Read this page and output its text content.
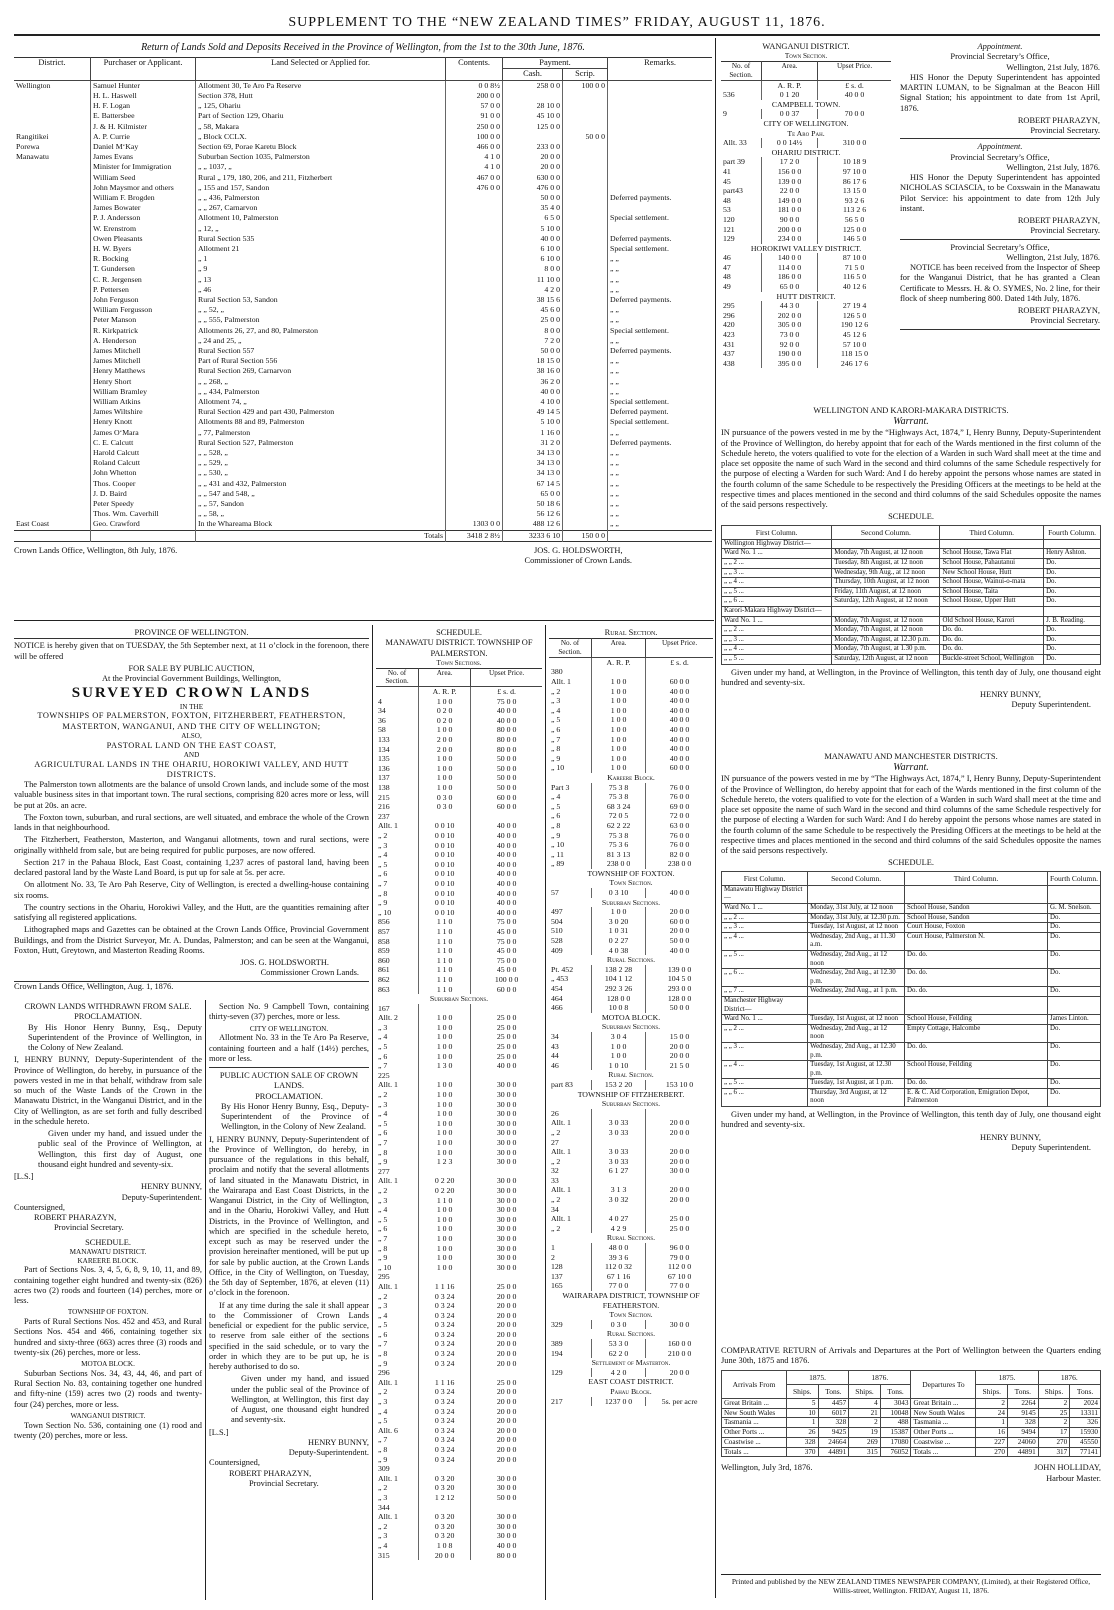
SUPPLEMENT TO THE “NEW ZEALAND TIMES” FRIDAY, AUGUST 11, 1876.
Return of Lands Sold and Deposits Received in the Province of Wellington, from the 1st to the 30th June, 1876.
District.	Purchaser or Applicant.	Land Selected or Applied for.	Contents.	Payment.		Remarks.
				Cash.	Scrip.	
Wellington	Samuel Hunter	Allotment 30, Te Aro Pa Reserve	0 0 8½	258 0 0	100 0 0	
	H. L. Haswell	Section 378, Hutt	200 0 0			
	H. F. Logan	„ 125, Ohariu	57 0 0	28 10 0		
	E. Battersbee	Part of Section 129, Ohariu	91 0 0	45 10 0		
	J. & H. Kilmister	„ 58, Makara	250 0 0	125 0 0		
Rangitikei	A. P. Currie	„ Block CCLX.	100 0 0		50 0 0	
Porewa	Daniel M‘Kay	Section 69, Porae Karetu Block	466 0 0	233 0 0		
Manawatu	James Evans	Suburban Section 1035, Palmerston	4 1 0	20 0 0		
	Minister for Immigration	„ „ 1037, „	4 1 0	20 0 0		
	William Seed	Rural „ 179, 180, 206, and 211, Fitzherbert	467 0 0	630 0 0		
	John Maysmor and others	„ 155 and 157, Sandon	476 0 0	476 0 0		
	William F. Brogden	„ „ 436, Palmerston		50 0 0		Deferred payments.
	James Bowater	„ „ 267, Carnarvon		35 4 0		
	P. J. Andersson	Allotment 10, Palmerston		6 5 0		Special settlement.
	W. Erenstrom	„ 12, „		5 10 0		
	Owen Pleasants	Rural Section 535		40 0 0		Deferred payments.
	H. W. Byers	Allotment 21		6 10 0		Special settlement.
	R. Bocking	„ 1		6 10 0		„ „
	T. Gundersen	„ 9		8 0 0		„ „
	C. R. Jergensen	„ 13		11 10 0		„ „
	P. Pettersen	„ 46		4 2 0		„ „
	John Ferguson	Rural Section 53, Sandon		38 15 6		Deferred payments.
	William Fergusson	„ „ 52, „		45 6 0		„ „
	Peter Manson	„ „ 555, Palmerston		25 0 0		„ „
	R. Kirkpatrick	Allotments 26, 27, and 80, Palmerston		8 0 0		Special settlement.
	A. Henderson	„ 24 and 25, „		7 2 0		„ „
	James Mitchell	Rural Section 557		50 0 0		Deferred payments.
	James Mitchell	Part of Rural Section 556		18 15 0		„ „
	Henry Matthews	Rural Section 269, Carnarvon		38 16 0		„ „
	Henry Short	„ „ 268, „		36 2 0		„ „
	William Bramley	„ „ 434, Palmerston		40 0 0		„ „
	William Atkins	Allotment 74, „		4 10 0		Special settlement.
	James Wiltshire	Rural Section 429 and part 430, Palmerston		49 14 5		Deferred payment.
	Henry Knott	Allotments 88 and 89, Palmerston		5 10 0		Special settlement.
	James O‘Mara	„ 77, Palmerston		1 16 0		„ „
	C. E. Calcutt	Rural Section 527, Palmerston		31 2 0		Deferred payments.
	Harold Calcutt	„ „ 528, „		34 13 0		„ „
	Roland Calcutt	„ „ 529, „		34 13 0		„ „
	John Whetton	„ „ 530, „		34 13 0		„ „
	Thos. Cooper	„ „ 431 and 432, Palmerston		67 14 5		„ „
	J. D. Baird	„ „ 547 and 548, „		65 0 0		„ „
	Peter Speedy	„ „ 57, Sandon		50 18 6		„ „
	Thos. Wm. Caverhill	„ „ 58, „		56 12 6		„ „
East Coast	Geo. Crawford	In the Whareama Block	1303 0 0	488 12 6		„ „
		Totals	3418 2 8½	3233 6 10	150 0 0	
Crown Lands Office, Wellington, 8th July, 1876.	JOS. G. HOLDSWORTH,
Commissioner of Crown Lands.
WANGANUI DISTRICT.
Town Section.
No. of Section.	Area.	Upset Price.
	A. R. P.	£ s. d.
536	0 1 20	40 0 0
CAMPBELL TOWN.		
9	0 0 37	70 0 0
CITY OF WELLINGTON.		
Te Aro Pah.		
Allt. 33	0 0 14½	310 0 0
OHARIU DISTRICT.		
part 39	17 2 0	10 18 9
41	156 0 0	97 10 0
45	139 0 0	86 17 6
part43	22 0 0	13 15 0
48	149 0 0	93 2 6
53	181 0 0	113 2 6
120	90 0 0	56 5 0
121	200 0 0	125 0 0
129	234 0 0	146 5 0
HOROKIWI VALLEY DISTRICT.		
46	140 0 0	87 10 0
47	114 0 0	71 5 0
48	186 0 0	116 5 0
49	65 0 0	40 12 6
HUTT DISTRICT.		
295	44 3 0	27 19 4
296	202 0 0	126 5 0
420	305 0 0	190 12 6
423	73 0 0	45 12 6
431	92 0 0	57 10 0
437	190 0 0	118 15 0
438	395 0 0	246 17 6
Appointment.
Provincial Secretary’s Office,
Wellington, 21st July, 1876.

HIS Honor the Deputy Superintendent has appointed MARTIN LUMAN, to be Signalman at the Beacon Hill Signal Station; his appointment to date from 1st April, 1876.

ROBERT PHARAZYN,
Provincial Secretary.
Appointment.
Provincial Secretary’s Office,
Wellington, 21st July, 1876.

HIS Honor the Deputy Superintendent has appointed NICHOLAS SCIASCIA, to be Coxswain in the Manawatu Pilot Service: his appointment to date from 12th July instant.

ROBERT PHARAZYN,
Provincial Secretary.
Provincial Secretary’s Office,
Wellington, 21st July, 1876.

NOTICE has been received from the Inspector of Sheep for the Wanganui District, that he has granted a Clean Certificate to Messrs. H. & O. SYMES, No. 2 line, for their flock of sheep numbering 800. Dated 14th July, 1876.

ROBERT PHARAZYN,
Provincial Secretary.
WELLINGTON AND KARORI-MAKARA DISTRICTS.
Warrant.

IN pursuance of the powers vested in me by the “Highways Act, 1874,” I, Henry Bunny, Deputy-Superintendent of the Province of Wellington, do hereby appoint that for each of the Wards mentioned in the first column of the Schedule hereto, the voters qualified to vote for the election of a Warden in such Ward shall meet at the time and place set opposite the name of such Ward in the second and third columns of the same Schedule respectively for the purpose of electing a Warden for such Ward: And I do hereby appoint the persons whose names are stated in the fourth column of the same Schedule to be respectively the Presiding Officers at the meetings to be held at the respective times and places mentioned in the second and third columns of the said Schedules opposite the names of the said persons respectively.

SCHEDULE.
First Column.	Second Column.	Third Column.	Fourth Column.
Wellington Highway District—			
Ward No. 1 ...	Monday, 7th August, at 12 noon	School House, Tawa Flat	Henry Ashton.
„ „ 2 ...	Tuesday, 8th August, at 12 noon	School House, Pahautanui	Do.
„ „ 3 ...	Wednesday, 9th Aug., at 12 noon	New School House, Hutt	Do.
„ „ 4 ...	Thursday, 10th August, at 12 noon	School House, Wainui-o-mata	Do.
„ „ 5 ...	Friday, 11th August, at 12 noon	School House, Taita	Do.
„ „ 6 ...	Saturday, 12th August, at 12 noon	School House, Upper Hutt	Do.
Karori-Makara Highway District—			
Ward No. 1 ...	Monday, 7th August, at 12 noon	Old School House, Karori	J. B. Reading.
„ „ 2 ...	Monday, 7th August, at 12 noon	Do. do.	Do.
„ „ 3 ...	Monday, 7th August, at 12.30 p.m.	Do. do.	Do.
„ „ 4 ...	Monday, 7th August, at 1.30 p.m.	Do. do.	Do.
„ „ 5 ...	Saturday, 12th August, at 12 noon	Buckle-street School, Wellington	Do.

Given under my hand, at Wellington, in the Province of Wellington, this tenth day of July, one thousand eight hundred and seventy-six.

HENRY BUNNY,
Deputy Superintendent.
MANAWATU AND MANCHESTER DISTRICTS.
Warrant.

IN pursuance of the powers vested in me by “The Highways Act, 1874,” I, Henry Bunny, Deputy-Superintendent of the Province of Wellington, do hereby appoint that for each of the Wards mentioned in the first column of the Schedule hereto, the voters qualified to vote for the election of a Warden in such Ward shall meet at the time and place set opposite the name of such Ward in the second and third columns of the same Schedule respectively for the purpose of electing a Warden for such Ward: And I do hereby appoint the persons whose names are stated in the fourth column of the same Schedule to be respectively the Presiding Officers at the meetings to be held at the respective times and places mentioned in the second and third columns of the said Schedules opposite the names of the said persons respectively.

SCHEDULE.
First Column.	Second Column.	Third Column.	Fourth Column.
Manawatu Highway District—			
Ward No. 1 ...	Monday, 31st July, at 12 noon	School House, Sandon	G. M. Snelson.
„ „ 2 ...	Monday, 31st July, at 12.30 p.m.	School House, Sandon	Do.
„ „ 3 ...	Tuesday, 1st August, at 12 noon	Court House, Foxton	Do.
„ „ 4 ...	Wednesday, 2nd Aug., at 11.30 a.m.	Court House, Palmerston N.	Do.
„ „ 5 ...	Wednesday, 2nd Aug., at 12 noon	Do. do.	Do.
„ „ 6 ...	Wednesday, 2nd Aug., at 12.30 p.m.	Do. do.	Do.
„ „ 7 ...	Wednesday, 2nd Aug., at 1 p.m.	Do. do.	Do.
Manchester Highway District—			
Ward No. 1 ...	Tuesday, 1st August, at 12 noon	School House, Feilding	James Linton.
„ „ 2 ...	Wednesday, 2nd Aug., at 12 noon	Empty Cottage, Halcombe	Do.
„ „ 3 ...	Wednesday, 2nd Aug., at 12.30 p.m.	Do. do.	Do.
„ „ 4 ...	Tuesday, 1st August, at 12.30 p.m.	School House, Feilding	Do.
„ „ 5 ...	Tuesday, 1st August, at 1 p.m.	Do. do.	Do.
„ „ 6 ...	Thursday, 3rd August, at 12 noon	E. & C. Aid Corporation, Emigration Depot, Palmerston	Do.

Given under my hand, at Wellington, in the Province of Wellington, this tenth day of July, one thousand eight hundred and seventy-six.

HENRY BUNNY,
Deputy Superintendent.

COMPARATIVE RETURN of Arrivals and Departures at the Port of Wellington between the Quarters ending June 30th, 1875 and 1876.

Arrivals From	1875.		1876.		Departures To	1875.		1876.	
	Ships.	Tons.	Ships.	Tons.		Ships.	Tons.	Ships.	Tons.
Great Britain ...	5	4457	4	3043	Great Britain ...	2	2264	2	2024
New South Wales	10	6017	21	10048	New South Wales	24	9145	25	13311
Tasmania ...	1	328	2	488	Tasmania ...	1	328	2	326
Other Ports ...	26	9425	19	15387	Other Ports ...	16	9494	17	15930
Coastwise ...	328	24664	269	17080	Coastwise ...	227	24060	270	45550
Totals ...	370	44891	315	76052	Totals ...	270	44891	317	77141
Wellington, July 3rd, 1876.	JOHN HOLLIDAY,
Harbour Master.
Printed and published by the NEW ZEALAND TIMES NEWSPAPER COMPANY, (Limited), at their Registered Office, Willis-street, Wellington. FRIDAY, August 11, 1876.
PROVINCE OF WELLINGTON.

NOTICE is hereby given that on TUESDAY, the 5th September next, at 11 o’clock in the forenoon, there will be offered

FOR SALE BY PUBLIC AUCTION,
At the Provincial Government Buildings, Wellington,
SURVEYED CROWN LANDS
IN THE
TOWNSHIPS OF PALMERSTON, FOXTON, FITZHERBERT, FEATHERSTON, MASTERTON, WANGANUI, AND THE CITY OF WELLINGTON;
ALSO,
PASTORAL LAND ON THE EAST COAST,
AND
AGRICULTURAL LANDS IN THE OHARIU, HOROKIWI VALLEY, AND HUTT DISTRICTS.

The Palmerston town allotments are the balance of unsold Crown lands, and include some of the most valuable business sites in that important town. The rural sections, comprising 820 acres more or less, will be put at 20s. an acre.

The Foxton town, suburban, and rural sections, are well situated, and embrace the whole of the Crown lands in that neighbourhood.

The Fitzherbert, Featherston, Masterton, and Wanganui allotments, town and rural sections, were originally withheld from sale, but are being required for public purposes, are now offered.

Section 217 in the Pahaua Block, East Coast, containing 1,237 acres of pastoral land, having been declared pastoral land by the Waste Land Board, is put up for sale at 5s. per acre.

On allotment No. 33, Te Aro Pah Reserve, City of Wellington, is erected a dwelling-house containing six rooms.

The country sections in the Ohariu, Horokiwi Valley, and the Hutt, are the quantities remaining after satisfying all registered applications.

Lithographed maps and Gazettes can be obtained at the Crown Lands Office, Provincial Government Buildings, and from the District Surveyor, Mr. A. Dundas, Palmerston; and can be seen at the Wanganui, Foxton, Hutt, Greytown, and Masterton Reading Rooms.

JOS. G. HOLDSWORTH.
Commissioner Crown Lands.
Crown Lands Office, Wellington, Aug. 1, 1876.
CROWN LANDS WITHDRAWN FROM SALE.
PROCLAMATION.

By His Honor Henry Bunny, Esq., Deputy Superintendent of the Province of Wellington, in the Colony of New Zealand.

I, HENRY BUNNY, Deputy-Superintendent of the Province of Wellington, do hereby, in pursuance of the powers vested in me in that behalf, withdraw from sale so much of the Waste Lands of the Crown in the Manawatu District, in the Wanganui District, and in the City of Wellington, as are set forth and fully described in the schedule hereto.

Given under my hand, and issued under the public seal of the Province of Wellington, at Wellington, this first day of August, one thousand eight hundred and seventy-six.

[L.S.]
HENRY BUNNY,
Deputy-Superintendent.
Countersigned,
ROBERT PHARAZYN,
Provincial Secretary.
SCHEDULE.
MANAWATU DISTRICT.
KAREERE BLOCK.

Part of Sections Nos. 3, 4, 5, 6, 8, 9, 10, 11, and 89, containing together eight hundred and twenty-six (826) acres two (2) roods and fourteen (14) perches, more or less.

TOWNSHIP OF FOXTON.

Parts of Rural Sections Nos. 452 and 453, and Rural Sections Nos. 454 and 466, containing together six hundred and sixty-three (663) acres three (3) roods and twenty-six (26) perches, more or less.

MOTOA BLOCK.

Suburban Sections Nos. 34, 43, 44, 46, and part of Rural Section No. 83, containing together one hundred and fifty-nine (159) acres two (2) roods and twenty-four (24) perches, more or less.

WANGANUI DISTRICT.

Town Section No. 536, containing one (1) rood and twenty (20) perches, more or less.

Section No. 9 Campbell Town, containing thirty-seven (37) perches, more or less.

CITY OF WELLINGTON.

Allotment No. 33 in the Te Aro Pa Reserve, containing fourteen and a half (14½) perches, more or less.

PUBLIC AUCTION SALE OF CROWN LANDS.
PROCLAMATION.

By His Honor Henry Bunny, Esq., Deputy-Superintendent of the Province of Wellington, in the Colony of New Zealand.

I, HENRY BUNNY, Deputy-Superintendent of the Province of Wellington, do hereby, in pursuance of the regulations in this behalf, proclaim and notify that the several allotments of land situated in the Manawatu District, in the Wairarapa and East Coast Districts, in the Wanganui District, in the City of Wellington, and in the Ohariu, Horokiwi Valley, and Hutt Districts, in the Province of Wellington, and which are specified in the schedule hereto, except such as may be reserved under the provision hereinafter mentioned, will be put up for sale by public auction, at the Crown Lands Office, in the City of Wellington, on Tuesday, the 5th day of September, 1876, at eleven (11) o’clock in the forenoon.

If at any time during the sale it shall appear to the Commissioner of Crown Lands beneficial or expedient for the public service, to reserve from sale either of the sections specified in the said schedule, or to vary the order in which they are to be put up, he is hereby authorised to do so.

Given under my hand, and issued under the public seal of the Province of Wellington, at Wellington, this first day of August, one thousand eight hundred and seventy-six.

[L.S.]
HENRY BUNNY,
Deputy-Superintendent.
Countersigned,
ROBERT PHARAZYN,
Provincial Secretary.
SCHEDULE.
MANAWATU DISTRICT. TOWNSHIP OF PALMERSTON.
Town Sections.
No. of Section.	Area.	Upset Price.
	A. R. P.	£ s. d.
4	1 0 0	75 0 0
34	0 2 0	40 0 0
36	0 2 0	40 0 0
58	1 0 0	80 0 0
133	2 0 0	80 0 0
134	2 0 0	80 0 0
135	1 0 0	50 0 0
136	1 0 0	50 0 0
137	1 0 0	50 0 0
138	1 0 0	50 0 0
215	0 3 0	60 0 0
216	0 3 0	60 0 0
237		
Allt. 1	0 0 10	40 0 0
„ 2	0 0 10	40 0 0
„ 3	0 0 10	40 0 0
„ 4	0 0 10	40 0 0
„ 5	0 0 10	40 0 0
„ 6	0 0 10	40 0 0
„ 7	0 0 10	40 0 0
„ 8	0 0 10	40 0 0
„ 9	0 0 10	40 0 0
„ 10	0 0 10	40 0 0
856	1 1 0	75 0 0
857	1 1 0	45 0 0
858	1 1 0	75 0 0
859	1 1 0	45 0 0
860	1 1 0	75 0 0
861	1 1 0	45 0 0
862	1 1 0	100 0 0
863	1 1 0	60 0 0
Suburban Sections.		
167		
Allt. 2	1 0 0	25 0 0
„ 3	1 0 0	25 0 0
„ 4	1 0 0	25 0 0
„ 5	1 0 0	25 0 0
„ 6	1 0 0	25 0 0
„ 7	1 3 0	40 0 0
225		
Allt. 1	1 0 0	30 0 0
„ 2	1 0 0	30 0 0
„ 3	1 0 0	30 0 0
„ 4	1 0 0	30 0 0
„ 5	1 0 0	30 0 0
„ 6	1 0 0	30 0 0
„ 7	1 0 0	30 0 0
„ 8	1 0 0	30 0 0
„ 9	1 2 3	30 0 0
277		
Allt. 1	0 2 20	30 0 0
„ 2	0 2 20	30 0 0
„ 3	1 1 0	30 0 0
„ 4	1 0 0	30 0 0
„ 5	1 0 0	30 0 0
„ 6	1 0 0	30 0 0
„ 7	1 0 0	30 0 0
„ 8	1 0 0	30 0 0
„ 9	1 0 0	30 0 0
„ 10	1 0 0	30 0 0
295		
Allt. 1	1 1 16	25 0 0
„ 2	0 3 24	20 0 0
„ 3	0 3 24	20 0 0
„ 4	0 3 24	20 0 0
„ 5	0 3 24	20 0 0
„ 6	0 3 24	20 0 0
„ 7	0 3 24	20 0 0
„ 8	0 3 24	20 0 0
„ 9	0 3 24	20 0 0
296		
Allt. 1	1 1 16	25 0 0
„ 2	0 3 24	20 0 0
„ 3	0 3 24	20 0 0
„ 4	0 3 24	20 0 0
„ 5	0 3 24	20 0 0
Allt. 6	0 3 24	20 0 0
„ 7	0 3 24	20 0 0
„ 8	0 3 24	20 0 0
„ 9	0 3 24	20 0 0
309		
Allt. 1	0 3 20	30 0 0
„ 2	0 3 20	30 0 0
„ 3	1 2 12	50 0 0
344		
Allt. 1	0 3 20	30 0 0
„ 2	0 3 20	30 0 0
„ 3	0 3 20	30 0 0
„ 4	1 0 8	40 0 0
315	20 0 0	80 0 0
Rural Section.
No. of Section.	Area.	Upset Price.
	A. R. P.	£ s. d.
380		
Allt. 1	1 0 0	60 0 0
„ 2	1 0 0	40 0 0
„ 3	1 0 0	40 0 0
„ 4	1 0 0	40 0 0
„ 5	1 0 0	40 0 0
„ 6	1 0 0	40 0 0
„ 7	1 0 0	40 0 0
„ 8	1 0 0	40 0 0
„ 9	1 0 0	40 0 0
„ 10	1 0 0	60 0 0
Kareere Block.		
Part 3	75 3 8	76 0 0
„ 4	75 3 8	76 0 0
„ 5	68 3 24	69 0 0
„ 6	72 0 5	72 0 0
„ 8	62 2 22	63 0 0
„ 9	75 3 8	76 0 0
„ 10	75 3 6	76 0 0
„ 11	81 3 13	82 0 0
„ 89	238 0 0	238 0 0
TOWNSHIP OF FOXTON.		
Town Section.		
57	0 3 10	40 0 0
Suburban Sections.		
497	1 0 0	20 0 0
504	3 0 20	60 0 0
510	1 0 31	20 0 0
528	0 2 27	50 0 0
409	4 0 38	40 0 0
Rural Sections.		
Pt. 452	138 2 28	139 0 0
„ 453	104 1 12	104 5 0
454	292 3 26	293 0 0
464	128 0 0	128 0 0
466	10 0 8	50 0 0
MOTOA BLOCK.		
Suburban Sections.		
34	3 0 4	15 0 0
43	1 0 0	20 0 0
44	1 0 0	20 0 0
46	1 0 10	21 5 0
Rural Section.		
part 83	153 2 20	153 10 0
TOWNSHIP OF FITZHERBERT.		
Suburban Sections.		
26		
Allt. 1	3 0 33	20 0 0
„ 2	3 0 33	20 0 0
27		
Allt. 1	3 0 33	20 0 0
„ 2	3 0 33	20 0 0
32	6 1 27	30 0 0
33		
Allt. 1	3 1 3	20 0 0
„ 2	3 0 32	20 0 0
34		
Allt. 1	4 0 27	25 0 0
„ 2	4 2 9	25 0 0
Rural Sections.		
1	48 0 0	96 0 0
2	39 3 6	79 0 0
128	112 0 32	112 0 0
137	67 1 16	67 10 0
165	77 0 0	77 0 0
WAIRARAPA DISTRICT, TOWNSHIP OF FEATHERSTON.		
Town Section.		
329	0 3 0	30 0 0
Rural Sections.		
389	53 3 0	160 0 0
194	62 2 0	210 0 0
Settlement of Masterton.		
129	4 2 0	20 0 0
EAST COAST DISTRICT.		
Pahau Block.		
217	1237 0 0	5s. per acre
